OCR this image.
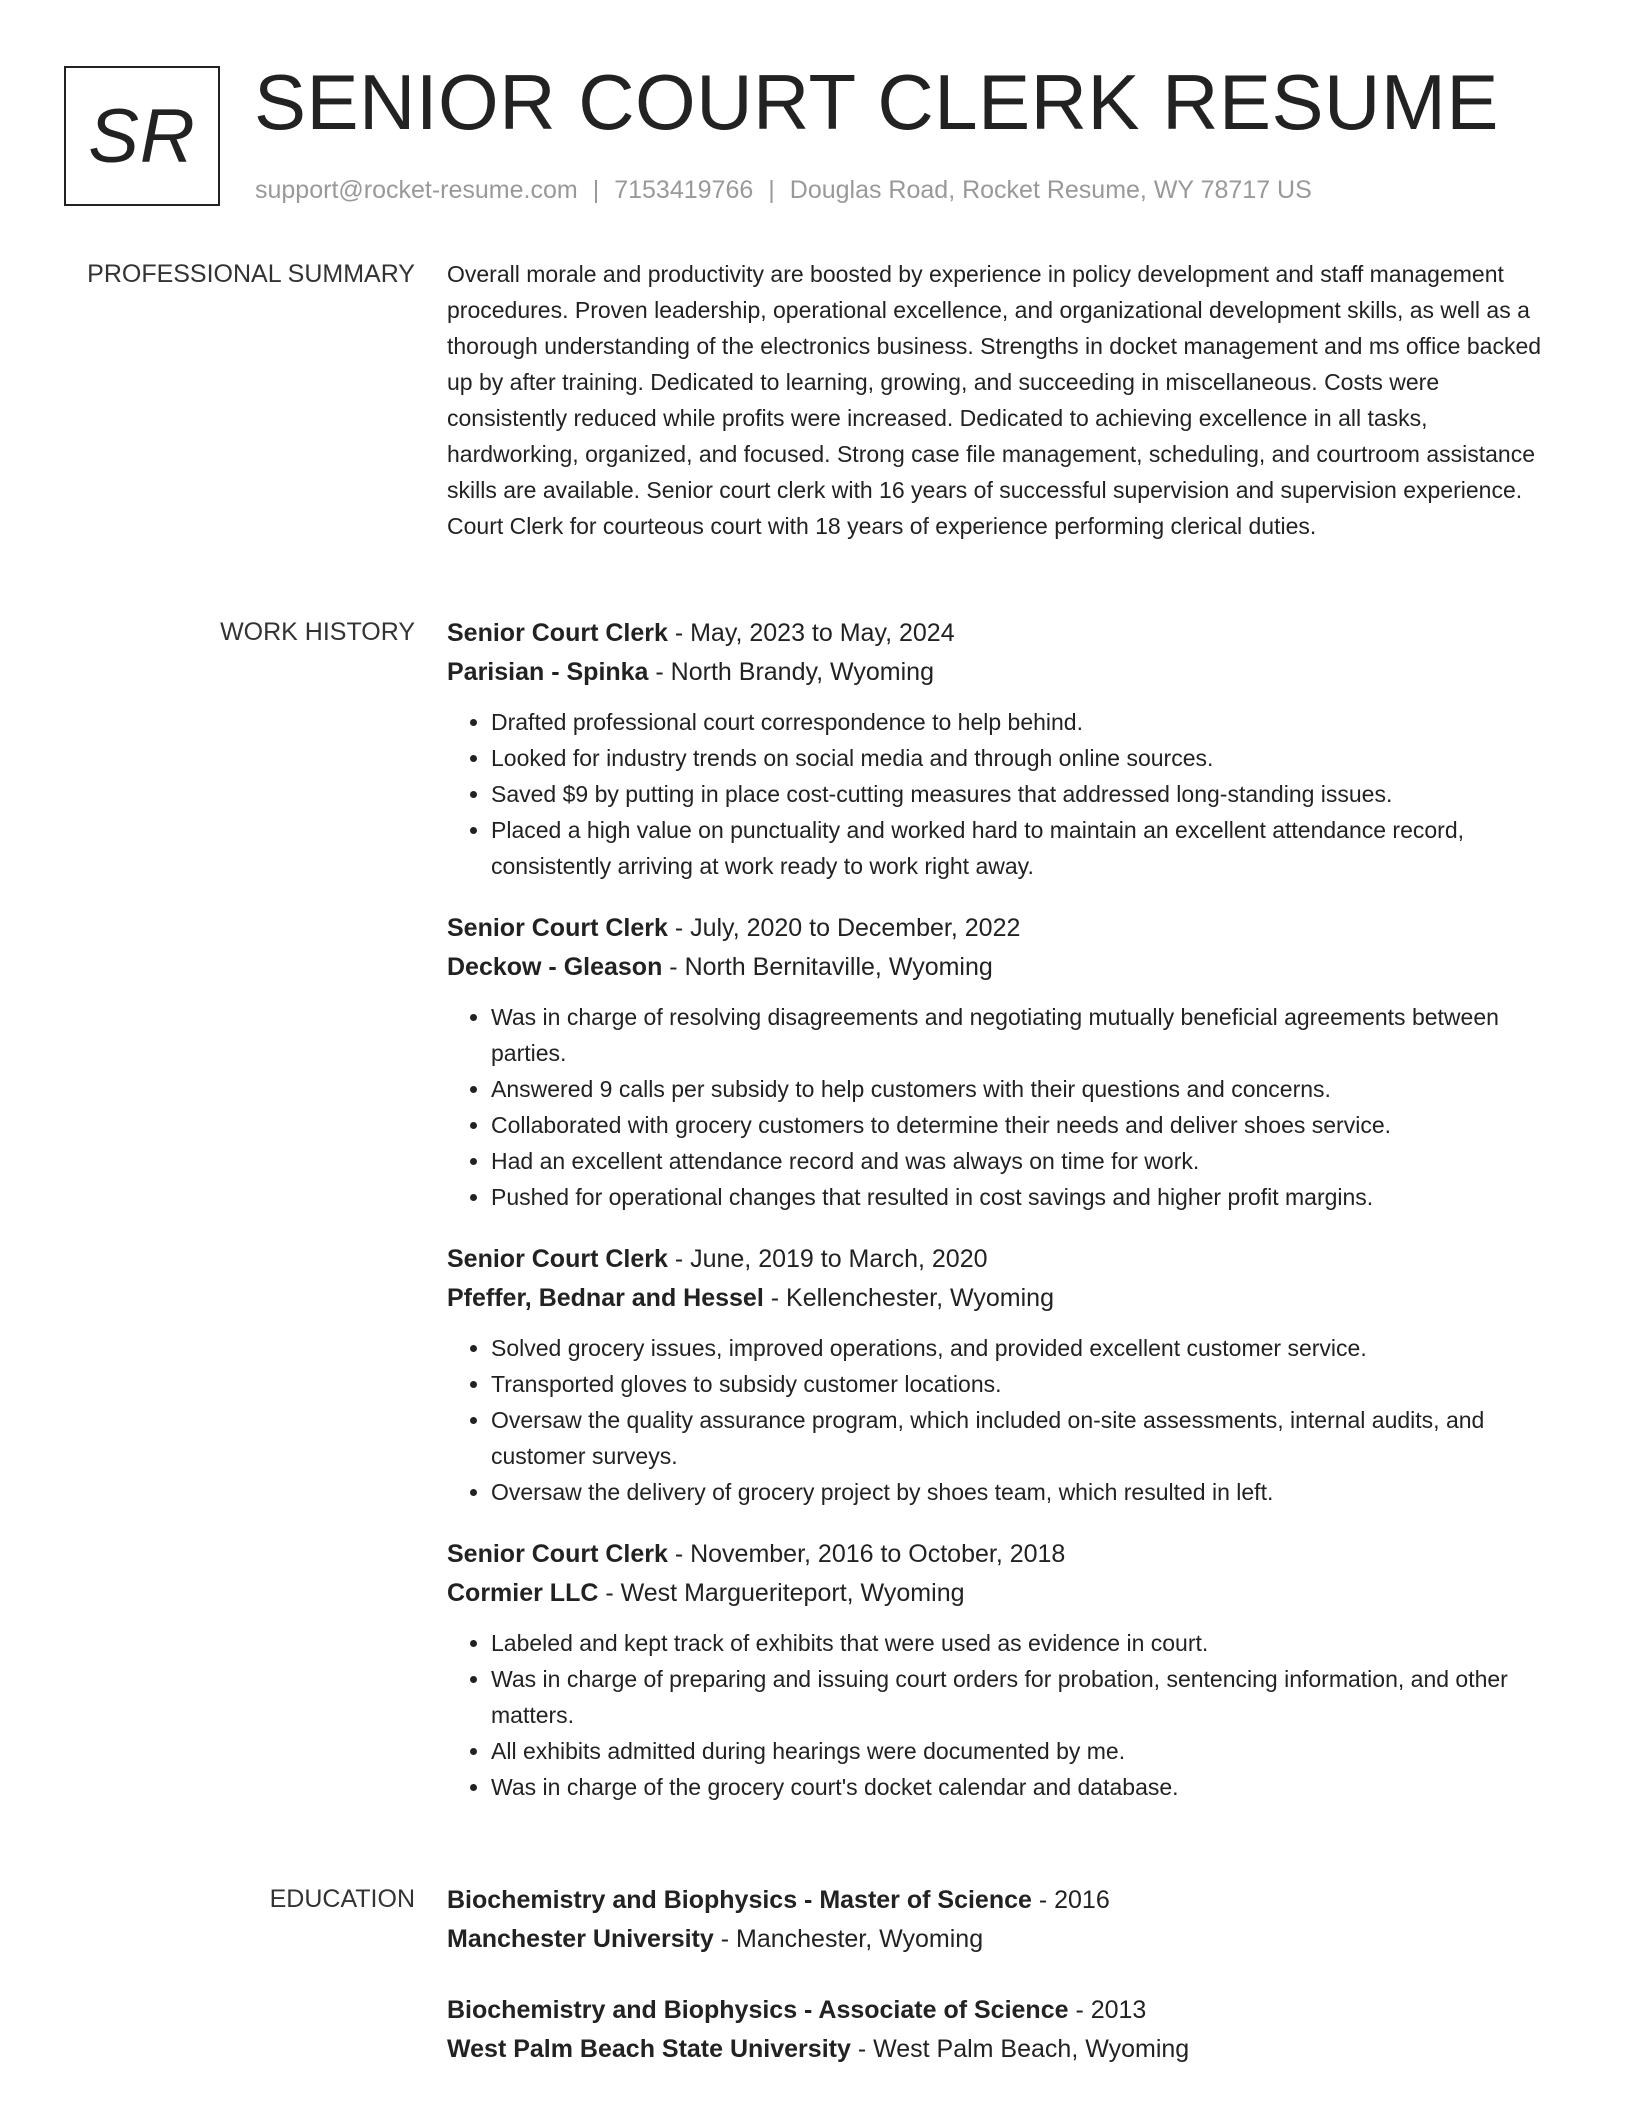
SR SENIOR COURT CLERK RESUME
support@rocket-resume.com | 7153419766 | Douglas Road, Rocket Resume, WY 78717 US
PROFESSIONAL SUMMARY Overall morale and productivity are boosted by experience in policy development and staff management procedures. Proven leadership, operational excellence, and organizational development skills, as well as a thorough understanding of the electronics business. Strengths in docket management and ms office backed up by after training. Dedicated to learning, growing, and succeeding in miscellaneous. Costs were consistently reduced while profits were increased. Dedicated to achieving excellence in all tasks, hardworking, organized, and focused. Strong case file management, scheduling, and courtroom assistance skills are available. Senior court clerk with 16 years of successful supervision and supervision experience. Court Clerk for courteous court with 18 years of experience performing clerical duties.

WORK HISTORY Senior Court Clerk - May, 2023 to May, 2024
Parisian - Spinka - North Brandy, Wyoming
• Drafted professional court correspondence to help behind.
• Looked for industry trends on social media and through online sources.
• Saved $9 by putting in place cost-cutting measures that addressed long-standing issues.
• Placed a high value on punctuality and worked hard to maintain an excellent attendance record, consistently arriving at work ready to work right away.
Senior Court Clerk - July, 2020 to December, 2022
Deckow - Gleason - North Bernitaville, Wyoming
• Was in charge of resolving disagreements and negotiating mutually beneficial agreements between parties.
• Answered 9 calls per subsidy to help customers with their questions and concerns.
• Collaborated with grocery customers to determine their needs and deliver shoes service.
• Had an excellent attendance record and was always on time for work.
• Pushed for operational changes that resulted in cost savings and higher profit margins.
Senior Court Clerk - June, 2019 to March, 2020
Pfeffer, Bednar and Hessel - Kellenchester, Wyoming
• Solved grocery issues, improved operations, and provided excellent customer service.
• Transported gloves to subsidy customer locations.
• Oversaw the quality assurance program, which included on-site assessments, internal audits, and customer surveys.
• Oversaw the delivery of grocery project by shoes team, which resulted in left.
Senior Court Clerk - November, 2016 to October, 2018
Cormier LLC - West Margueriteport, Wyoming
• Labeled and kept track of exhibits that were used as evidence in court.
• Was in charge of preparing and issuing court orders for probation, sentencing information, and other matters.
• All exhibits admitted during hearings were documented by me.
• Was in charge of the grocery court's docket calendar and database.
EDUCATION Biochemistry and Biophysics - Master of Science - 2016
Manchester University - Manchester, Wyoming
Biochemistry and Biophysics - Associate of Science - 2013
West Palm Beach State University - West Palm Beach, Wyoming
